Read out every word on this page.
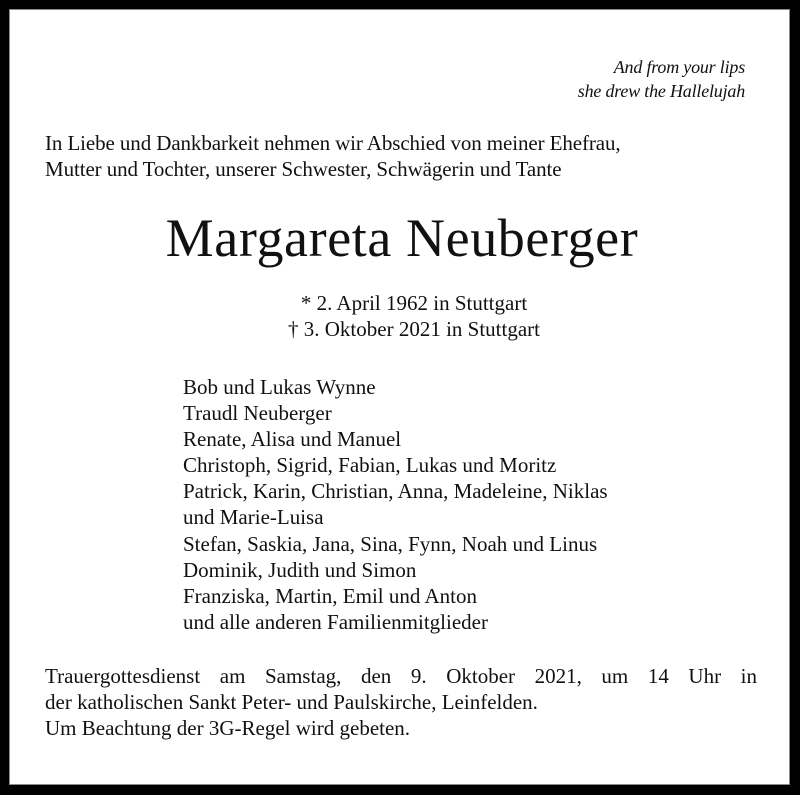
And from your lips
she drew the Hallelujah
In Liebe und Dankbarkeit nehmen wir Abschied von meiner Ehefrau,
Mutter und Tochter, unserer Schwester, Schwägerin und Tante
Margareta Neuberger
* 2. April 1962 in Stuttgart
† 3. Oktober 2021 in Stuttgart
Bob und Lukas Wynne
Traudl Neuberger
Renate, Alisa und Manuel
Christoph, Sigrid, Fabian, Lukas und Moritz
Patrick, Karin, Christian, Anna, Madeleine, Niklas
und Marie-Luisa
Stefan, Saskia, Jana, Sina, Fynn, Noah und Linus
Dominik, Judith und Simon
Franziska, Martin, Emil und Anton
und alle anderen Familienmitglieder
Trauergottesdienst am Samstag, den 9. Oktober 2021, um 14 Uhr in
der katholischen Sankt Peter- und Paulskirche, Leinfelden.
Um Beachtung der 3G-Regel wird gebeten.
